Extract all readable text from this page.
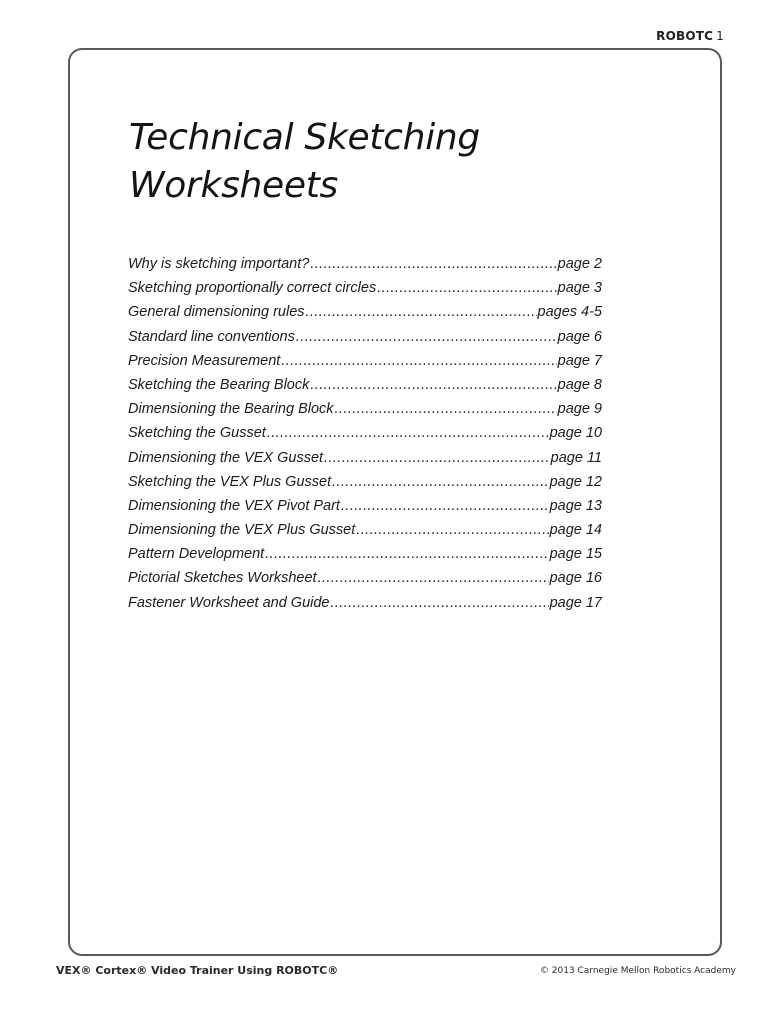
ROBOTC 1
Technical Sketching
Worksheets
Why is sketching important? .....	page 2
Sketching proportionally correct circles .....	page 3
General dimensioning rules .....	pages 4-5
Standard line conventions .....	page 6
Precision Measurement .....	page 7
Sketching the Bearing Block .....	page 8
Dimensioning the Bearing Block .....	page 9
Sketching the Gusset .....	page 10
Dimensioning the VEX Gusset .....	page 11
Sketching the VEX Plus Gusset .....	page 12
Dimensioning the VEX Pivot Part .....	page 13
Dimensioning the VEX Plus Gusset .....	page 14
Pattern Development .....	page 15
Pictorial Sketches Worksheet .....	page 16
Fastener Worksheet and Guide .....	page 17
VEX® Cortex® Video Trainer Using ROBOTC®	© 2013 Carnegie Mellon Robotics Academy
